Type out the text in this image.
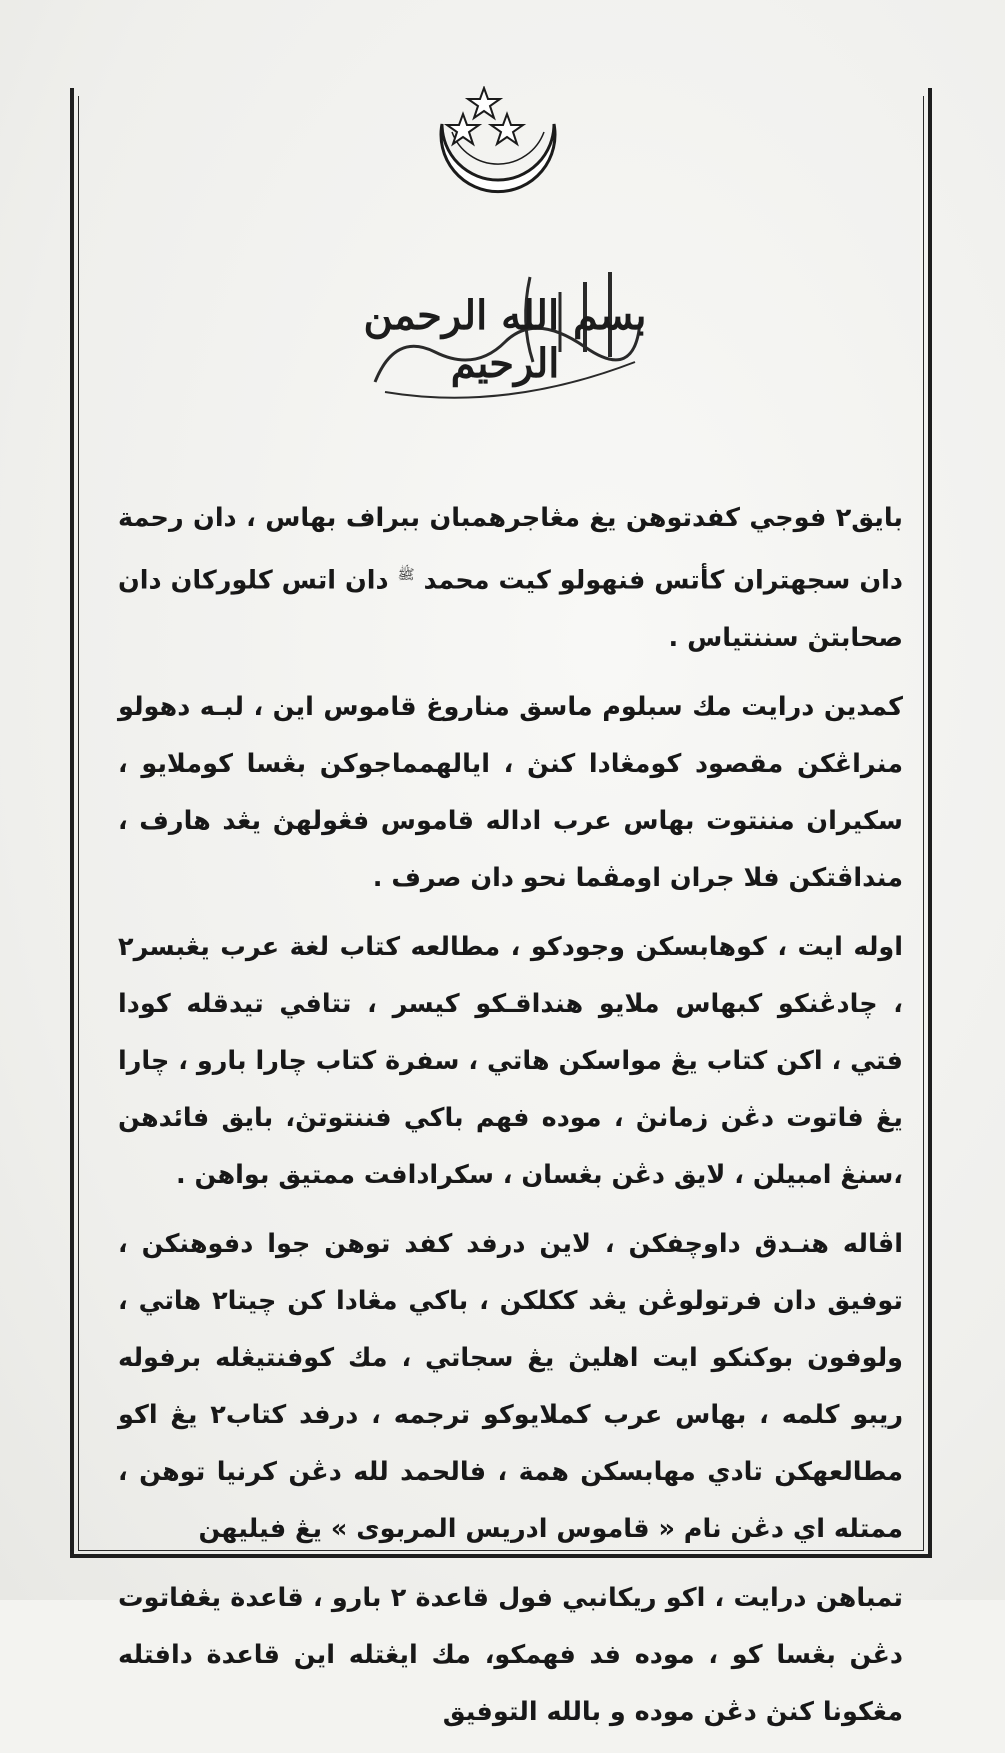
بسم الله الرحمن الرحيم

بايق٢ فوجي كفدتوهن يغ مڠاجرهمبان ببراف بهاس ، دان رحمة دان سجهتران كأتس فنهولو كيت محمد $^ﷺ$ دان اتس كلوركان دان صحابتڽ سننتياس .

كمدين درايت مك سبلوم ماسق مناروغ قاموس اين ، لبـه دهولو منراڠكن مقصود كومڠادا كنڽ ، ايالهمماجوكن بڠسا كوملايو ، سكيران مننتوت بهاس عرب اداله قاموس فڠولهڽ يڠد هارف ، منداڤتكن فلا جران اومڤما نحو دان صرف .

اوله ايت ، كوهابسكن وجودكو ، مطالعه كتاب لغة عرب يڠبسر٢ ، چادڠنكو كبهاس ملايو هنداقـكو كيسر ، تتافي تيدقله كودا فتي ، اكن كتاب يڠ مواسكن هاتي ، سفرة كتاب چارا بارو ، چارا يڠ فاتوت دڠن زمانڽ ، موده فهم باكي فننتوتڽ، بايق فائدهن ،سنڠ امبيلن ، لايق دڠن بڠسان ، سكرادافت ممتيق بواهن .

اڤاله هنـدق داوچفكن ، لاين درفد كفد توهن جوا دفوهنكن ، توفيق دان فرتولوڠن يڠد ككلكن ، باكي مڠادا كن چيتا٢ هاتي ، ولوفون بوكنكو ايت اهليڽ يڠ سجاتي ، مك كوفنتيڠله برفوله ريبو كلمه ، بهاس عرب كملايوكو ترجمه ، درفد كتاب٢ يڠ اكو مطالعهكن تادي مهابسكن همة ، فالحمد لله دڠن كرنيا توهن ، ممتله اي دڠن نام « قاموس ادريس المربوى » يڠ فيليهن

تمباهن درايت ، اكو ريكانبي فول قاعدة ٢ بارو ، قاعدة يڠفاتوت دڠن بڠسا كو ، موده فد فهمكو، مك ايڠتله اين قاعدة دافتله مڠكونا كنڽ دڠن موده و بالله التوفيق
